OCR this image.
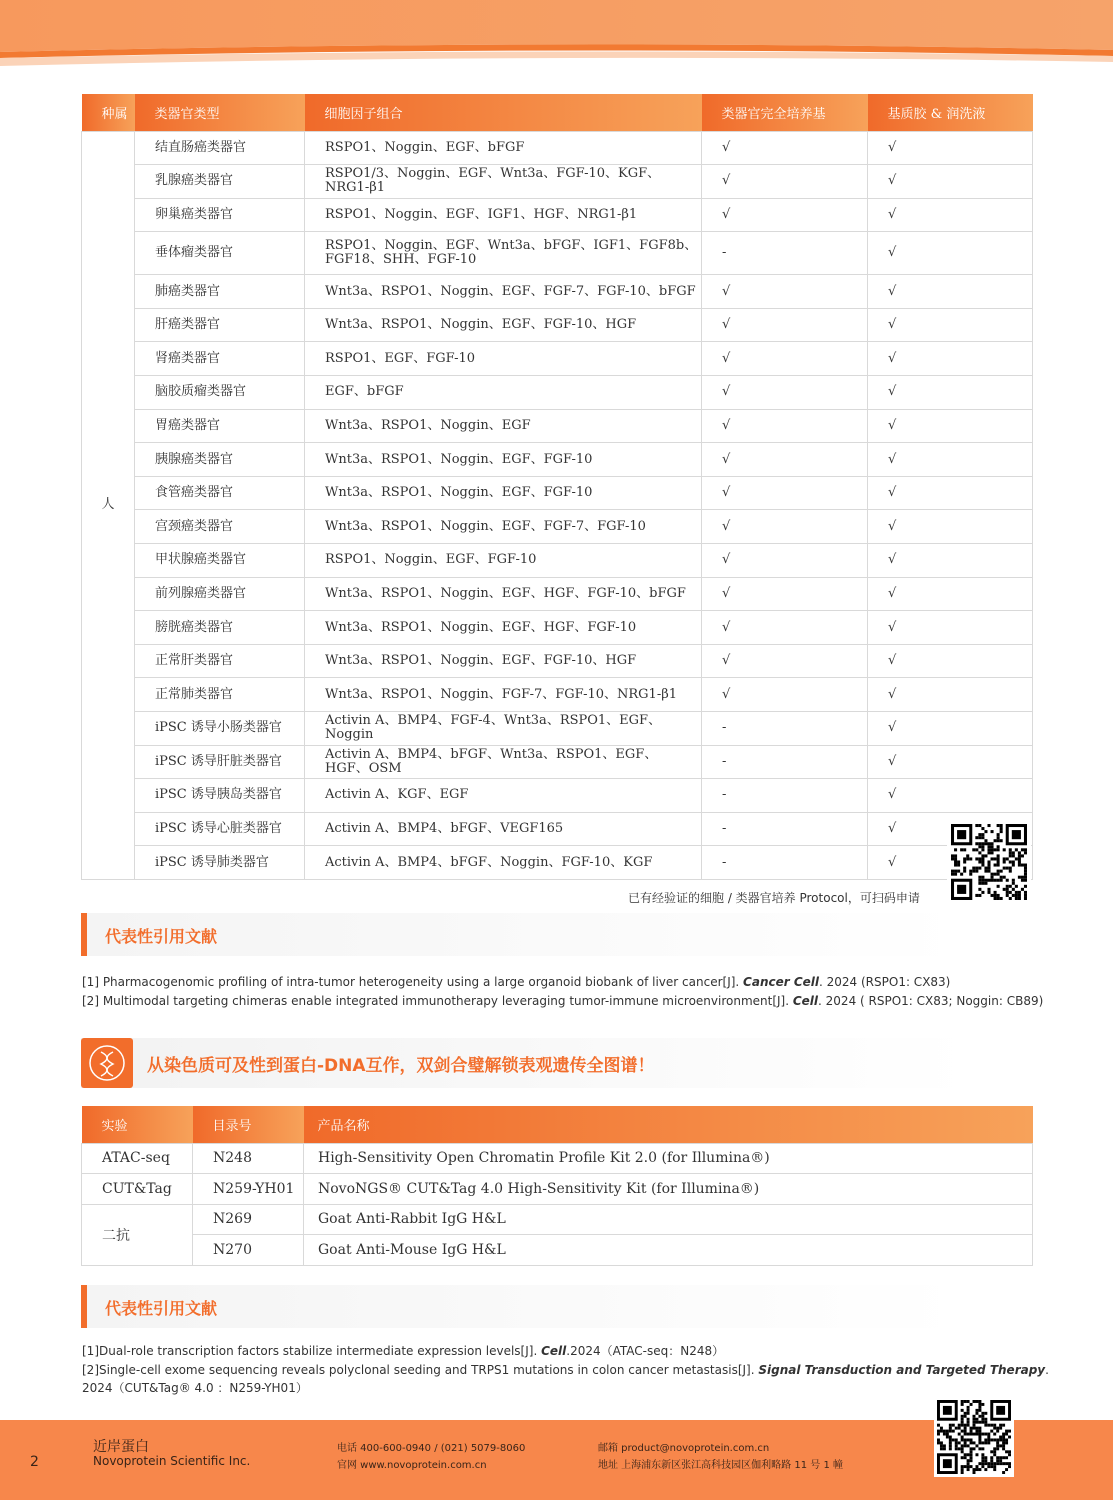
种属	类器官类型	细胞因子组合	类器官完全培养基	基质胶 & 润洗液
人	结直肠癌类器官	RSPO1、Noggin、EGF、bFGF	√	√
	乳腺癌类器官	RSPO1/3、Noggin、EGF、Wnt3a、FGF-10、KGF、NRG1-β1	√	√
	卵巢癌类器官	RSPO1、Noggin、EGF、IGF1、HGF、NRG1-β1	√	√
	垂体瘤类器官	RSPO1、Noggin、EGF、Wnt3a、bFGF、IGF1、FGF8b、FGF18、SHH、FGF-10	-	√
	肺癌类器官	Wnt3a、RSPO1、Noggin、EGF、FGF-7、FGF-10、bFGF	√	√
	肝癌类器官	Wnt3a、RSPO1、Noggin、EGF、FGF-10、HGF	√	√
	肾癌类器官	RSPO1、EGF、FGF-10	√	√
	脑胶质瘤类器官	EGF、bFGF	√	√
	胃癌类器官	Wnt3a、RSPO1、Noggin、EGF	√	√
	胰腺癌类器官	Wnt3a、RSPO1、Noggin、EGF、FGF-10	√	√
	食管癌类器官	Wnt3a、RSPO1、Noggin、EGF、FGF-10	√	√
	宫颈癌类器官	Wnt3a、RSPO1、Noggin、EGF、FGF-7、FGF-10	√	√
	甲状腺癌类器官	RSPO1、Noggin、EGF、FGF-10	√	√
	前列腺癌类器官	Wnt3a、RSPO1、Noggin、EGF、HGF、FGF-10、bFGF	√	√
	膀胱癌类器官	Wnt3a、RSPO1、Noggin、EGF、HGF、FGF-10	√	√
	正常肝类器官	Wnt3a、RSPO1、Noggin、EGF、FGF-10、HGF	√	√
	正常肺类器官	Wnt3a、RSPO1、Noggin、FGF-7、FGF-10、NRG1-β1	√	√
	iPSC 诱导小肠类器官	Activin A、BMP4、FGF-4、Wnt3a、RSPO1、EGF、Noggin	-	√
	iPSC 诱导肝脏类器官	Activin A、BMP4、bFGF、Wnt3a、RSPO1、EGF、HGF、OSM	-	√
	iPSC 诱导胰岛类器官	Activin A、KGF、EGF	-	√
	iPSC 诱导心脏类器官	Activin A、BMP4、bFGF、VEGF165	-	√
	iPSC 诱导肺类器官	Activin A、BMP4、bFGF、Noggin、FGF-10、KGF	-	√
已有经验证的细胞 / 类器官培养 Protocol，可扫码申请
代表性引用文献
[1] Pharmacogenomic profiling of intra-tumor heterogeneity using a large organoid biobank of liver cancer[J]. Cancer Cell. 2024 (RSPO1: CX83)
[2] Multimodal targeting chimeras enable integrated immunotherapy leveraging tumor-immune microenvironment[J]. Cell. 2024 ( RSPO1: CX83; Noggin: CB89)
从染色质可及性到蛋白-DNA互作，双剑合璧解锁表观遗传全图谱！
实验	目录号	产品名称
ATAC-seq	N248	High-Sensitivity Open Chromatin Profile Kit 2.0 (for Illumina®)
CUT&Tag	N259-YH01	NovoNGS® CUT&Tag 4.0 High-Sensitivity Kit (for Illumina®)
二抗	N269	Goat Anti-Rabbit IgG H&L
	N270	Goat Anti-Mouse IgG H&L
代表性引用文献
[1]Dual-role transcription factors stabilize intermediate expression levels[J]. Cell.2024（ATAC-seq：N248）
[2]Single-cell exome sequencing reveals polyclonal seeding and TRPS1 mutations in colon cancer metastasis[J]. Signal Transduction and Targeted Therapy.
2024（CUT&Tag® 4.0 ：N259-YH01）
2
近岸蛋白
Novoprotein Scientific Inc.
电话 400-600-0940 / (021) 5079-8060
官网 www.novoprotein.com.cn
邮箱 product@novoprotein.com.cn
地址 上海浦东新区张江高科技园区伽利略路 11 号 1 幢
